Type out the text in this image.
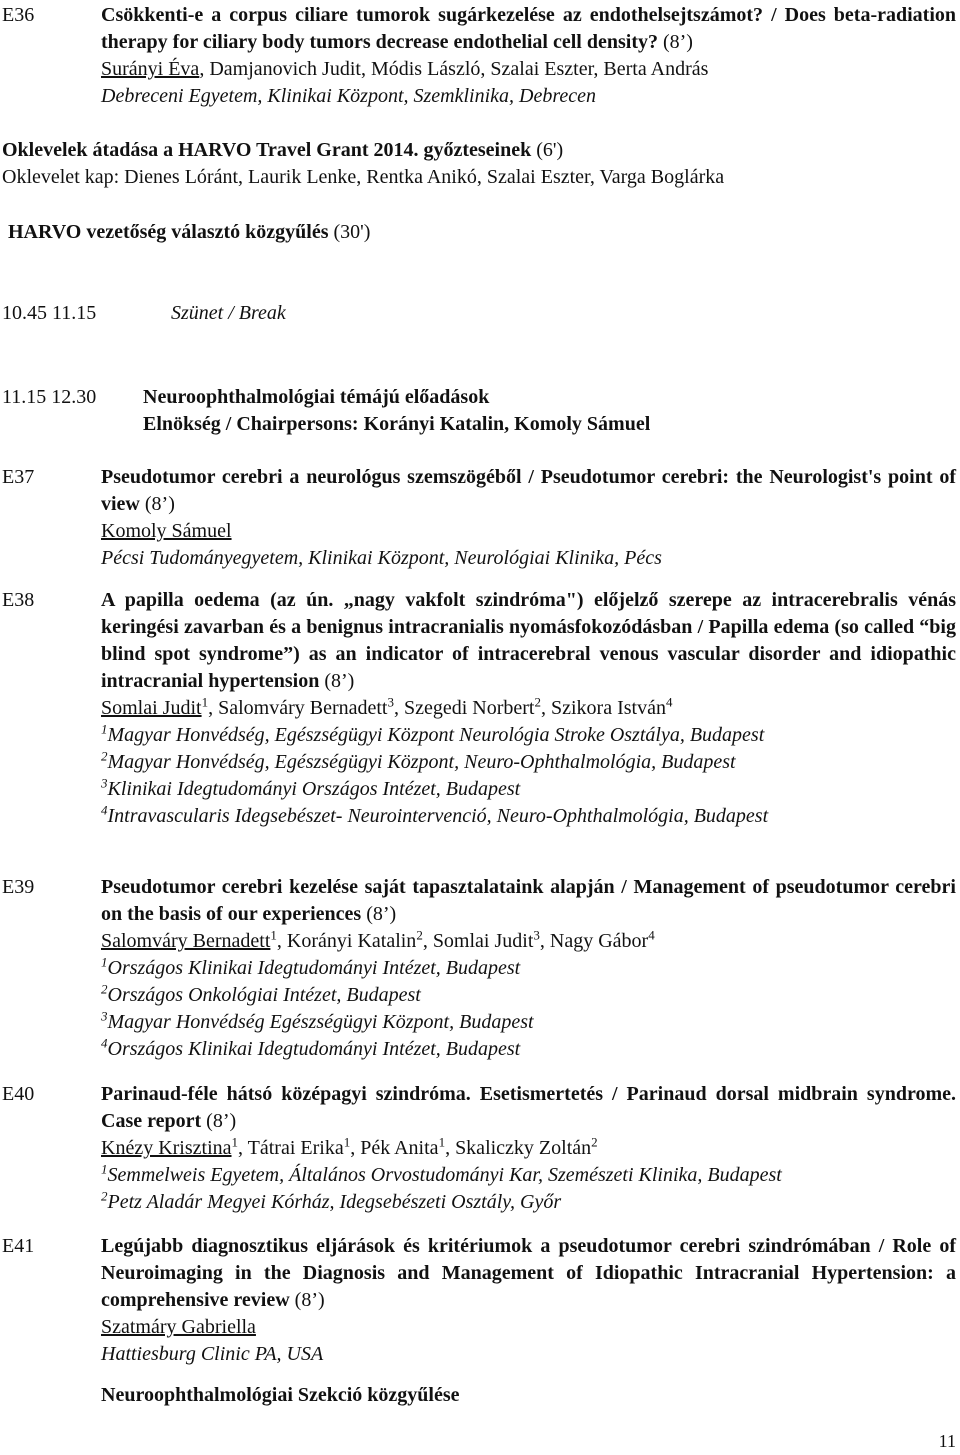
E36	Csökkenti-e a corpus ciliare tumorok sugárkezelése az endothelsejtszámot? / Does beta-radiation therapy for ciliary body tumors decrease endothelial cell density? (8’)
Surányi Éva, Damjanovich Judit, Módis László, Szalai Eszter, Berta András
Debreceni Egyetem, Klinikai Központ, Szemklinika, Debrecen
Oklevelek átadása a HARVO Travel Grant 2014. győzteseinek (6')
Oklevelet kap: Dienes Lóránt, Laurik Lenke, Rentka Anikó, Szalai Eszter, Varga Boglárka
HARVO vezetőség választó közgyűlés (30')
10.45 11.15	Szünet / Break
11.15 12.30 Neuroophthalmológiai témájú előadások
Elnökség / Chairpersons: Korányi Katalin, Komoly Sámuel
E37	Pseudotumor cerebri a neurológus szemszögéből / Pseudotumor cerebri: the Neurologist's point of view (8’)
Komoly Sámuel
Pécsi Tudományegyetem, Klinikai Központ, Neurológiai Klinika, Pécs
E38	A papilla oedema (az ún. „nagy vakfolt szindróma") előjelző szerepe az intracerebralis vénás keringési zavarban és a benignus intracranialis nyomásfokozódásban / Papilla edema (so called “big blind spot syndrome”) as an indicator of intracerebral venous vascular disorder and idiopathic intracranial hypertension (8’)
Somlai Judit$^1$, Salomváry Bernadett$^3$, Szegedi Norbert$^2$, Szikora István$^4$
$^1$Magyar Honvédség, Egészségügyi Központ Neurológia Stroke Osztálya, Budapest
$^2$Magyar Honvédség, Egészségügyi Központ, Neuro-Ophthalmológia, Budapest
$^3$Klinikai Idegtudományi Országos Intézet, Budapest
$^4$Intravascularis Idegsebészet- Neurointervenció, Neuro-Ophthalmológia, Budapest
E39	Pseudotumor cerebri kezelése saját tapasztalataink alapján / Management of pseudotumor cerebri on the basis of our experiences (8’)
Salomváry Bernadett$^1$, Korányi Katalin$^2$, Somlai Judit$^3$, Nagy Gábor$^4$
$^1$Országos Klinikai Idegtudományi Intézet, Budapest
$^2$Országos Onkológiai Intézet, Budapest
$^3$Magyar Honvédség Egészségügyi Központ, Budapest
$^4$Országos Klinikai Idegtudományi Intézet, Budapest
E40	Parinaud-féle hátsó középagyi szindróma. Esetismertetés / Parinaud dorsal midbrain syndrome. Case report (8’)
Knézy Krisztina$^1$, Tátrai Erika$^1$, Pék Anita$^1$, Skaliczky Zoltán$^2$
$^1$Semmelweis Egyetem, Általános Orvostudományi Kar, Szemészeti Klinika, Budapest
$^2$Petz Aladár Megyei Kórház, Idegsebészeti Osztály, Győr
E41	Legújabb diagnosztikus eljárások és kritériumok a pseudotumor cerebri szindrómában / Role of Neuroimaging in the Diagnosis and Management of Idiopathic Intracranial Hypertension: a comprehensive review (8’)
Szatmáry Gabriella
Hattiesburg Clinic PA, USA
Neuroophthalmológiai Szekció közgyűlése
11
